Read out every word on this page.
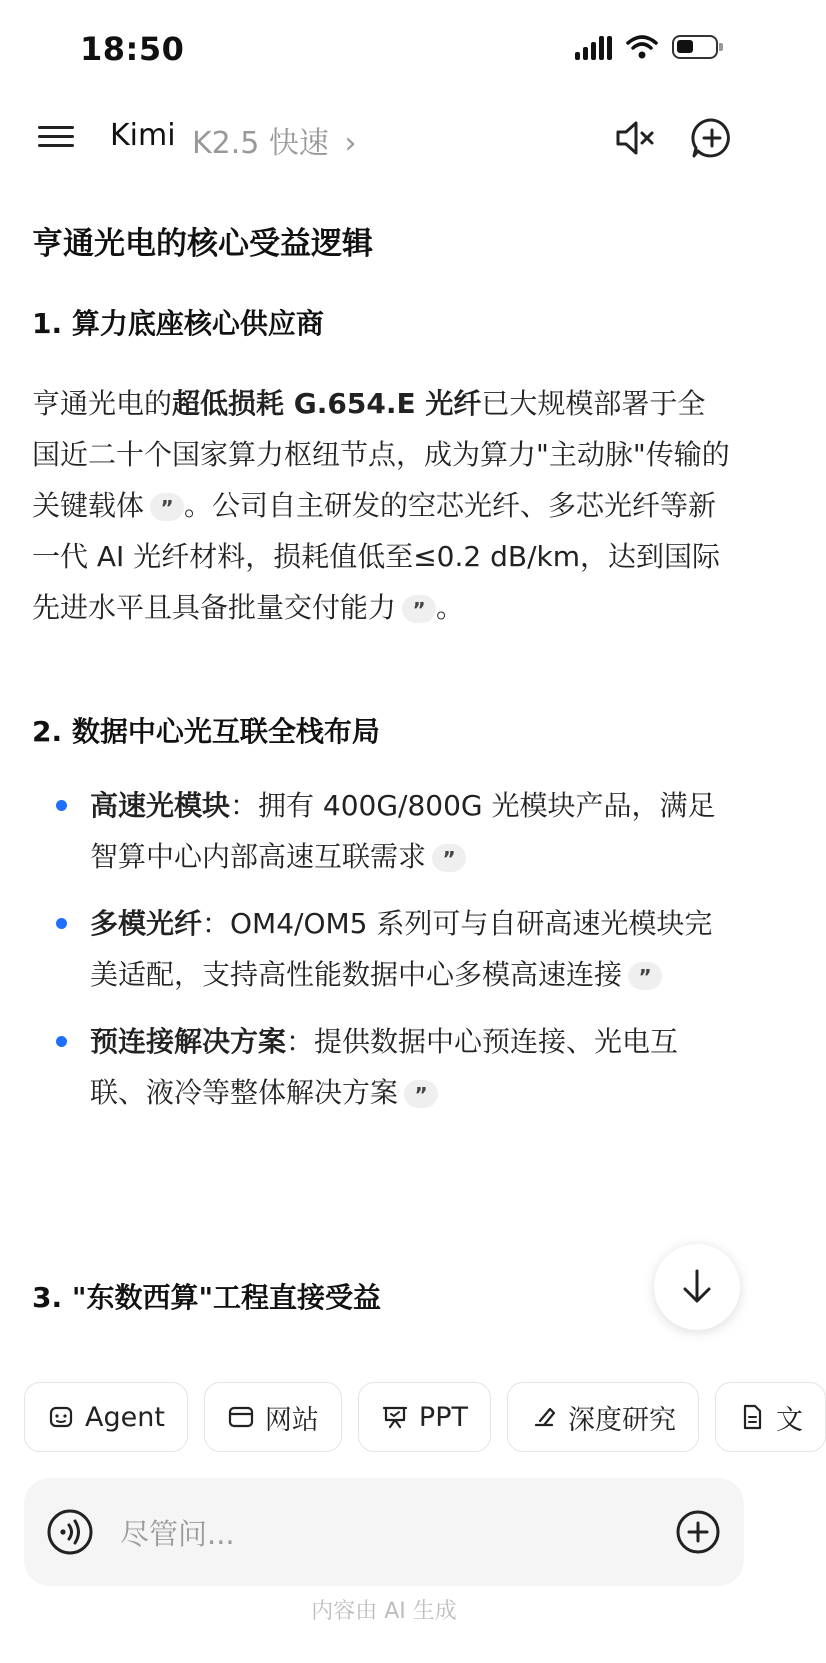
18:50
Kimi K2.5 快速 ›
亨通光电的核心受益逻辑
1. 算力底座核心供应商
亨通光电的超低损耗 G.654.E 光纤已大规模部署于全国近二十个国家算力枢纽节点，成为算力"主动脉"传输的关键载体 ” 。公司自主研发的空芯光纤、多芯光纤等新一代 AI 光纤材料，损耗值低至≤0.2 dB/km，达到国际先进水平且具备批量交付能力 ” 。
2. 数据中心光互联全栈布局
高速光模块：拥有 400G/800G 光模块产品，满足智算中心内部高速互联需求 ”
多模光纤：OM4/OM5 系列可与自研高速光模块完美适配，支持高性能数据中心多模高速连接 ”
预连接解决方案：提供数据中心预连接、光电互联、液冷等整体解决方案 ”
3. "东数西算"工程直接受益
Agent	网站	PPT	深度研究	文
尽管问...
内容由 AI 生成
